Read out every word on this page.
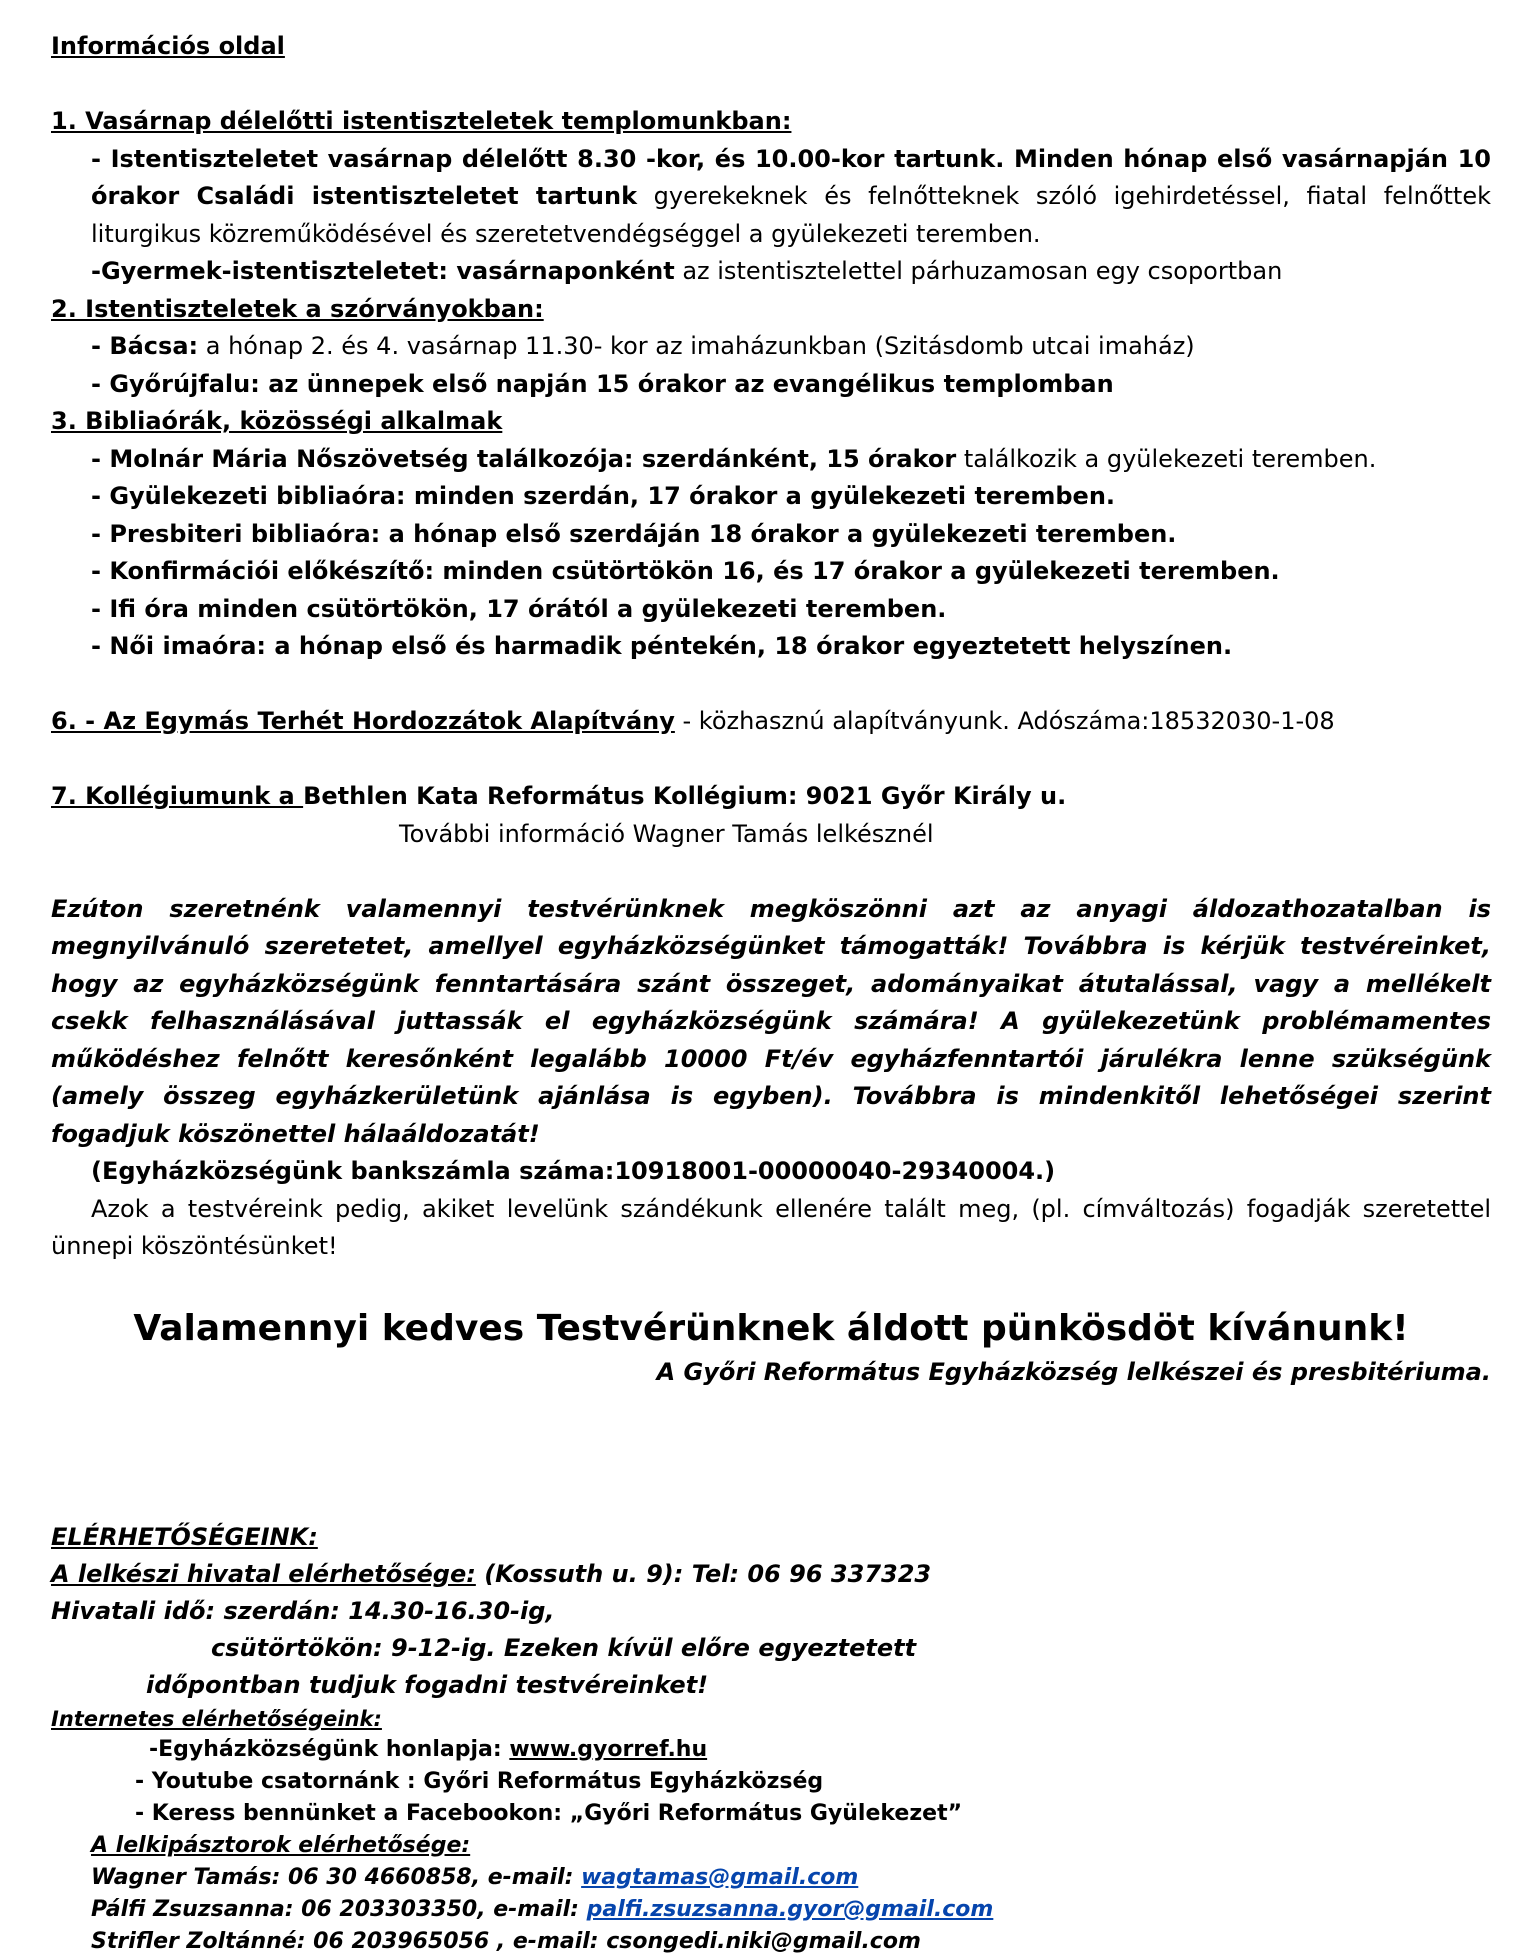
Információs oldal
1. Vasárnap délelőtti istentiszteletek templomunkban:
- Istentiszteletet vasárnap délelőtt 8.30 -kor, és 10.00-kor tartunk. Minden hónap első vasárnapján 10 órakor Családi istentiszteletet tartunk gyerekeknek és felnőtteknek szóló igehirdetéssel, fiatal felnőttek liturgikus közreműködésével és szeretetvendégséggel a gyülekezeti teremben.
-Gyermek-istentiszteletet: vasárnaponként az istentisztelettel párhuzamosan egy csoportban
2. Istentiszteletek a szórványokban:
- Bácsa: a hónap 2. és 4. vasárnap 11.30- kor az imaházunkban (Szitásdomb utcai imaház)
- Győrújfalu: az ünnepek első napján 15 órakor az evangélikus templomban
3. Bibliaórák, közösségi alkalmak
- Molnár Mária Nőszövetség találkozója: szerdánként, 15 órakor találkozik a gyülekezeti teremben.
- Gyülekezeti bibliaóra: minden szerdán, 17 órakor a gyülekezeti teremben.
- Presbiteri bibliaóra: a hónap első szerdáján 18 órakor a gyülekezeti teremben.
- Konfirmációi előkészítő: minden csütörtökön 16, és 17 órakor a gyülekezeti teremben.
- Ifi óra minden csütörtökön, 17 órától a gyülekezeti teremben.
- Női imaóra: a hónap első és harmadik péntekén, 18 órakor egyeztetett helyszínen.
6. - Az Egymás Terhét Hordozzátok Alapítvány - közhasznú alapítványunk. Adószáma:18532030-1-08
7. Kollégiumunk a Bethlen Kata Református Kollégium: 9021 Győr Király u.
További információ Wagner Tamás lelkésznél
Ezúton szeretnénk valamennyi testvérünknek megköszönni azt az anyagi áldozathozatalban is megnyilvánuló szeretetet, amellyel egyházközségünket támogatták! Továbbra is kérjük testvéreinket, hogy az egyházközségünk fenntartására szánt összeget, adományaikat átutalással, vagy a mellékelt csekk felhasználásával juttassák el egyházközségünk számára! A gyülekezetünk problémamentes működéshez felnőtt keresőnként legalább 10000 Ft/év egyházfenntartói járulékra lenne szükségünk (amely összeg egyházkerületünk ajánlása is egyben). Továbbra is mindenkitől lehetőségei szerint fogadjuk köszönettel hálaáldozatát!
(Egyházközségünk bankszámla száma:10918001-00000040-29340004.)
Azok a testvéreink pedig, akiket levelünk szándékunk ellenére talált meg, (pl. címváltozás) fogadják szeretettel ünnepi köszöntésünket!
Valamennyi kedves Testvérünknek áldott pünkösdöt kívánunk!
A Győri Református Egyházközség lelkészei és presbitériuma.
ELÉRHETŐSÉGEINK:
A lelkészi hivatal elérhetősége: (Kossuth u. 9): Tel: 06 96 337323
Hivatali idő: szerdán: 14.30-16.30-ig,
csütörtökön: 9-12-ig. Ezeken kívül előre egyeztetett
időpontban tudjuk fogadni testvéreinket!
Internetes elérhetőségeink:
-Egyházközségünk honlapja: www.gyorref.hu
- Youtube csatornánk : Győri Református Egyházközség
- Keress bennünket a Facebookon: „Győri Református Gyülekezet”
A lelkipásztorok elérhetősége:
Wagner Tamás: 06 30 4660858, e-mail: wagtamas@gmail.com
Pálfi Zsuzsanna: 06 203303350, e-mail: palfi.zsuzsanna.gyor@gmail.com
Strifler Zoltánné: 06 203965056 , e-mail: csongedi.niki@gmail.com
